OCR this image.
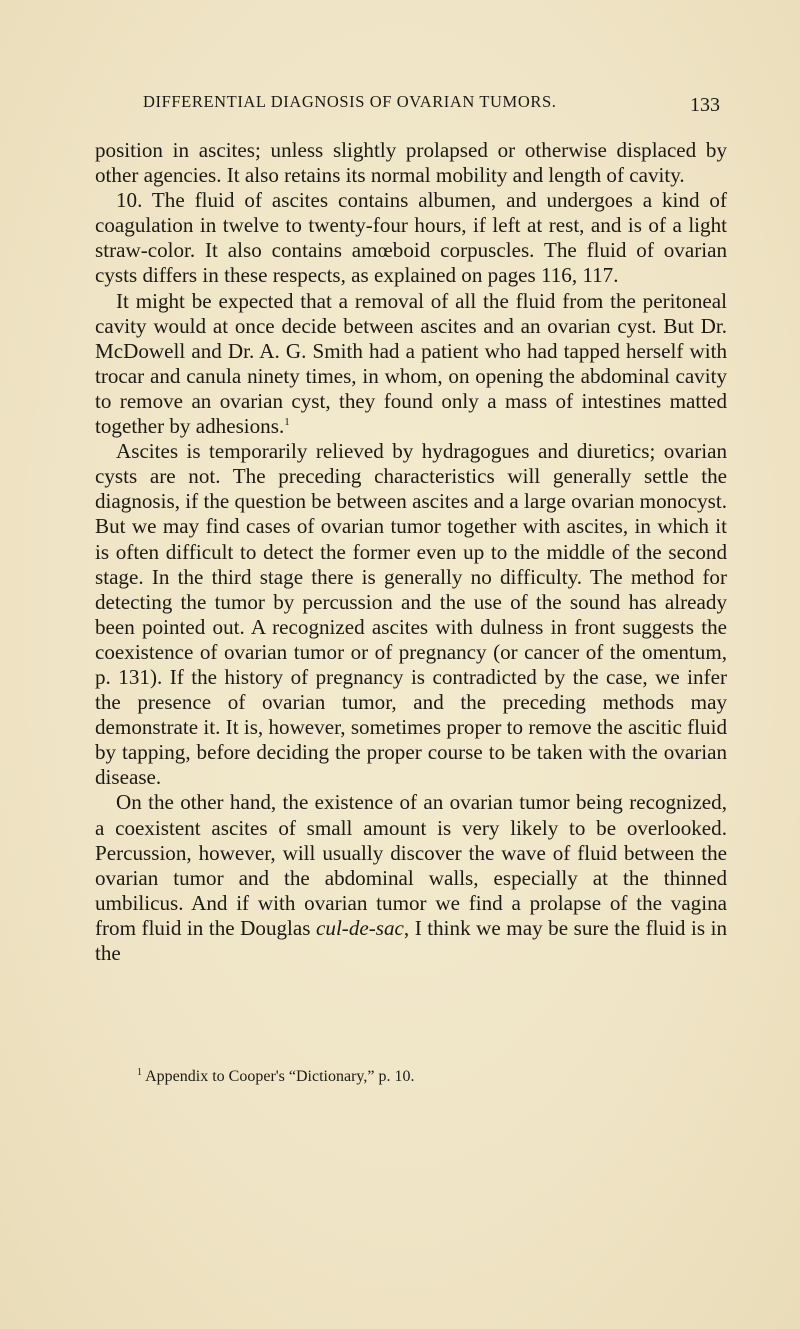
DIFFERENTIAL DIAGNOSIS OF OVARIAN TUMORS.	133

position in ascites; unless slightly prolapsed or otherwise displaced by other agencies. It also retains its normal mobility and length of cavity.

10. The fluid of ascites contains albumen, and undergoes a kind of coagulation in twelve to twenty-four hours, if left at rest, and is of a light straw-color. It also contains amœboid corpuscles. The fluid of ovarian cysts differs in these respects, as explained on pages 116, 117.

It might be expected that a removal of all the fluid from the peritoneal cavity would at once decide between ascites and an ovarian cyst. But Dr. McDowell and Dr. A. G. Smith had a patient who had tapped herself with trocar and canula ninety times, in whom, on opening the abdominal cavity to remove an ovarian cyst, they found only a mass of intestines matted together by adhesions.$^1$

Ascites is temporarily relieved by hydragogues and diuretics; ovarian cysts are not. The preceding characteristics will generally settle the diagnosis, if the question be between ascites and a large ovarian monocyst. But we may find cases of ovarian tumor together with ascites, in which it is often difficult to detect the former even up to the middle of the second stage. In the third stage there is generally no difficulty. The method for detecting the tumor by percussion and the use of the sound has already been pointed out. A recognized ascites with dulness in front suggests the coexistence of ovarian tumor or of pregnancy (or cancer of the omentum, p. 131). If the history of pregnancy is contradicted by the case, we infer the presence of ovarian tumor, and the preceding methods may demonstrate it. It is, however, sometimes proper to remove the ascitic fluid by tapping, before deciding the proper course to be taken with the ovarian disease.

On the other hand, the existence of an ovarian tumor being recognized, a coexistent ascites of small amount is very likely to be overlooked. Percussion, however, will usually discover the wave of fluid between the ovarian tumor and the abdominal walls, especially at the thinned umbilicus. And if with ovarian tumor we find a prolapse of the vagina from fluid in the Douglas cul-de-sac, I think we may be sure the fluid is in the

$^1$ Appendix to Cooper's “Dictionary,” p. 10.
